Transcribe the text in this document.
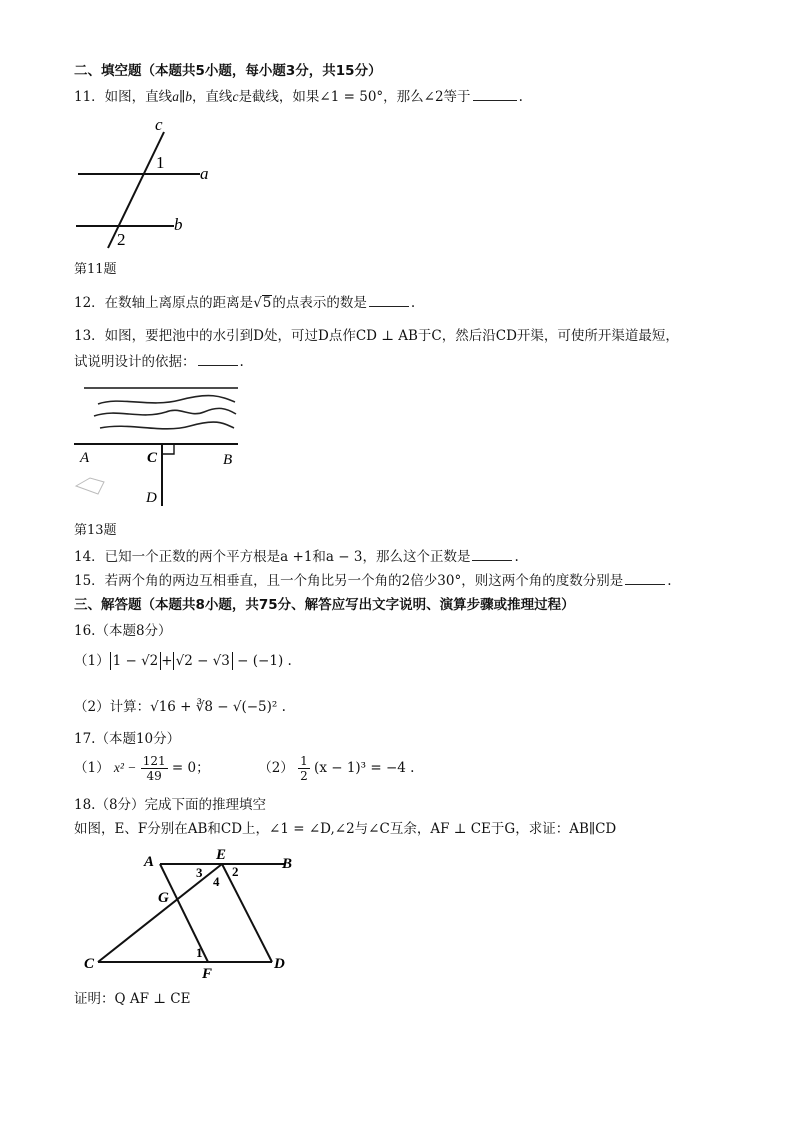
二、填空题（本题共5小题，每小题3分，共15分）
11．如图，直线a∥b，直线c是截线，如果∠1 = 50°，那么∠2等于	.
c
1
a
b
2
第11题
12．在数轴上离原点的距离是√5的点表示的数是	.
13．如图，要把池中的水引到D处，可过D点作CD ⊥ AB于C，然后沿CD开渠，可使所开渠道最短，
试说明设计的依据：	.
A	C	B
D
第13题
14．已知一个正数的两个平方根是a +1和a − 3，那么这个正数是	.
15．若两个角的两边互相垂直，且一个角比另一个角的2倍少30°，则这两个角的度数分别是	.
三、解答题（本题共8小题，共75分、解答应写出文字说明、演算步骤或推理过程）
16.（本题8分）
（1） 1 − √2 + √2 − √3 − (−1) .
（2）计算：√16 + ∛8 − √(−5)² .
17.（本题10分）
（1） $x^2 - \frac{121}{49} = 0$；	$(2) \frac{1}{2} (x - 1)^3 = -4$ .
18.（8分）完成下面的推理填空
如图，E、F分别在AB和CD上，∠1 = ∠D,∠2与∠C互余，AF ⊥ CE于G，求证：AB∥CD
A	E
B
3
4
2
G
1
C
F
D
证明：Q AF ⊥ CE
